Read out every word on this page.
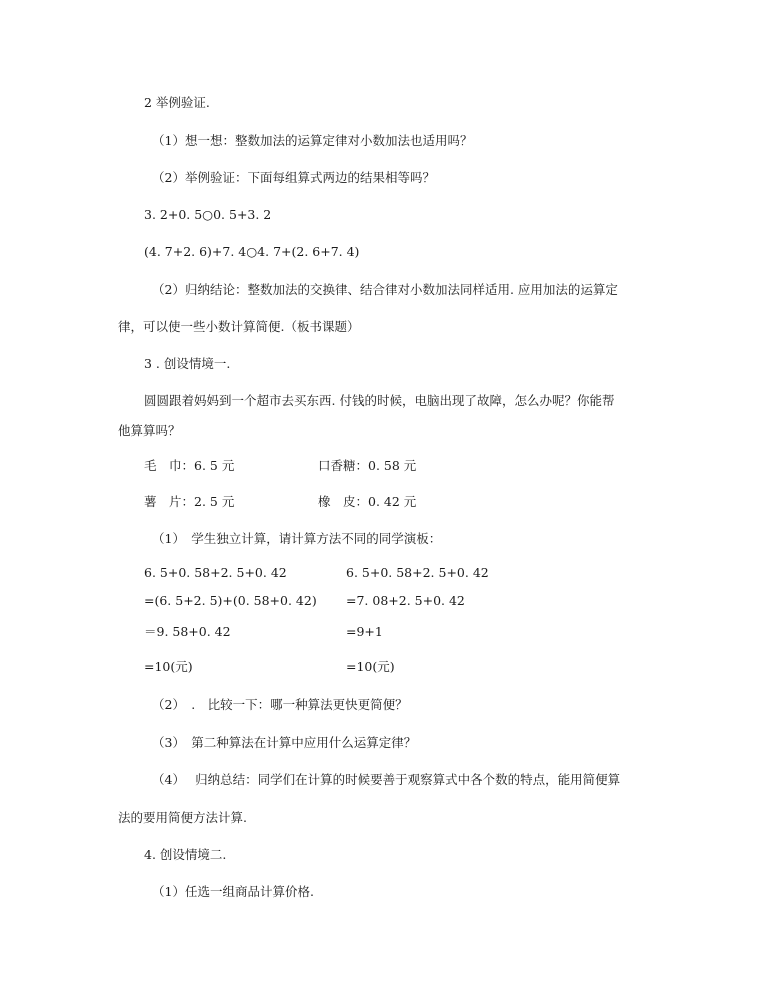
2 举例验证.
（1）想一想：整数加法的运算定律对小数加法也适用吗？
（2）举例验证：下面每组算式两边的结果相等吗？
3. 2+0. 5○0. 5+3. 2
(4. 7+2. 6)+7. 4○4. 7+(2. 6+7. 4)
（2）归纳结论：整数加法的交换律、结合律对小数加法同样适用. 应用加法的运算定
律，可以使一些小数计算简便.（板书课题）
3 . 创设情境一.
圆圆跟着妈妈到一个超市去买东西. 付钱的时候，电脑出现了故障，怎么办呢？你能帮
他算算吗？
毛　巾：6. 5 元	口香糖：0. 58 元
薯　片：2. 5 元	橡　皮：0. 42 元
（1）　学生独立计算，请计算方法不同的同学演板：
6. 5+0. 58+2. 5+0. 42	6. 5+0. 58+2. 5+0. 42
=(6. 5+2. 5)+(0. 58+0. 42) =7. 08+2. 5+0. 42
＝9. 58+0. 42	=9+1
=10(元)	=10(元)
（2）　.　比较一下：哪一种算法更快更简便？
（3）　第二种算法在计算中应用什么运算定律？
（4）　 归纳总结：同学们在计算的时候要善于观察算式中各个数的特点，能用简便算
法的要用简便方法计算.
4. 创设情境二.
（1）任选一组商品计算价格.
